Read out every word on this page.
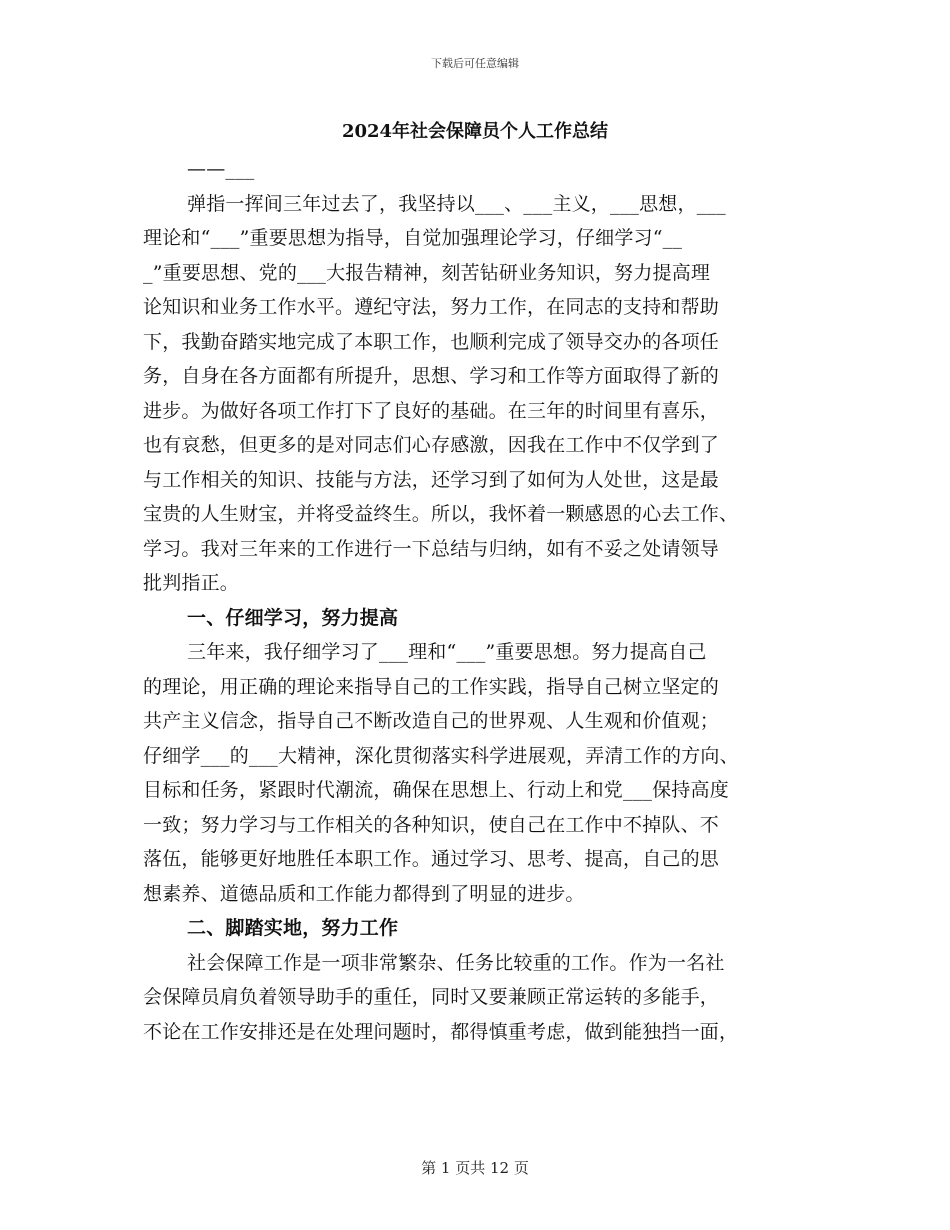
下载后可任意编辑
2024年社会保障员个人工作总结
——___
弹指一挥间三年过去了，我坚持以___、___主义，___思想，___
理论和“___”重要思想为指导，自觉加强理论学习，仔细学习“__
_”重要思想、党的___大报告精神，刻苦钻研业务知识，努力提高理
论知识和业务工作水平。遵纪守法，努力工作，在同志的支持和帮助
下，我勤奋踏实地完成了本职工作，也顺利完成了领导交办的各项任
务，自身在各方面都有所提升，思想、学习和工作等方面取得了新的
进步。为做好各项工作打下了良好的基础。在三年的时间里有喜乐，
也有哀愁，但更多的是对同志们心存感激，因我在工作中不仅学到了
与工作相关的知识、技能与方法，还学习到了如何为人处世，这是最
宝贵的人生财宝，并将受益终生。所以，我怀着一颗感恩的心去工作、
学习。我对三年来的工作进行一下总结与归纳，如有不妥之处请领导
批判指正。
一、仔细学习，努力提高
三年来，我仔细学习了___理和“___”重要思想。努力提高自己
的理论，用正确的理论来指导自己的工作实践，指导自己树立坚定的
共产主义信念，指导自己不断改造自己的世界观、人生观和价值观；
仔细学___的___大精神，深化贯彻落实科学进展观，弄清工作的方向、
目标和任务，紧跟时代潮流，确保在思想上、行动上和党___保持高度
一致；努力学习与工作相关的各种知识，使自己在工作中不掉队、不
落伍，能够更好地胜任本职工作。通过学习、思考、提高，自己的思
想素养、道德品质和工作能力都得到了明显的进步。
二、脚踏实地，努力工作
社会保障工作是一项非常繁杂、任务比较重的工作。作为一名社
会保障员肩负着领导助手的重任，同时又要兼顾正常运转的多能手，
不论在工作安排还是在处理问题时，都得慎重考虑，做到能独挡一面，
第 1 页共 12 页
